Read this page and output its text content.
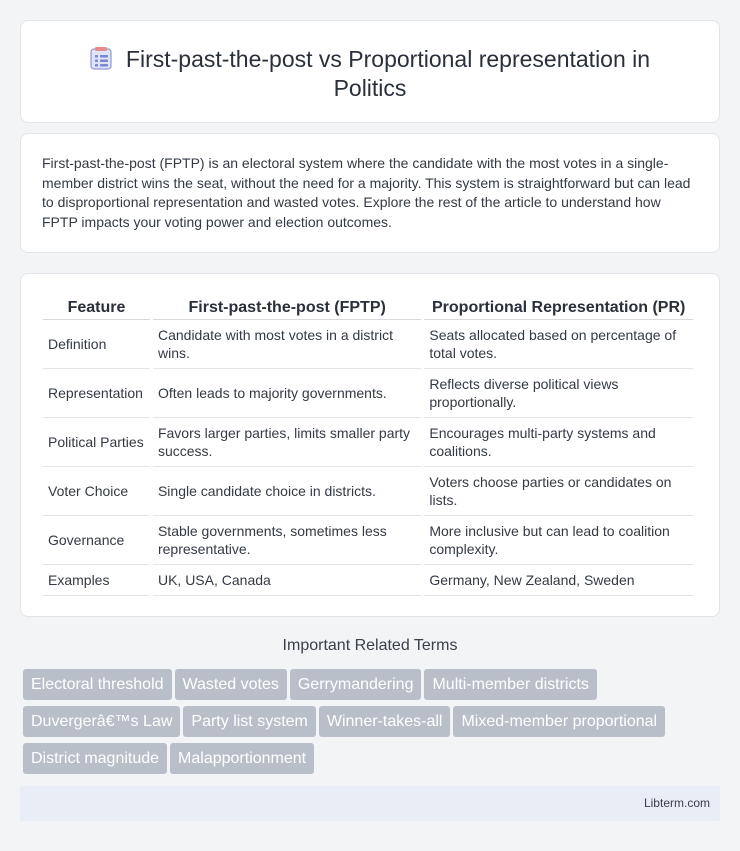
First-past-the-post vs Proportional representation in Politics

First-past-the-post (FPTP) is an electoral system where the candidate with the most votes in a single-member district wins the seat, without the need for a majority. This system is straightforward but can lead to disproportional representation and wasted votes. Explore the rest of the article to understand how FPTP impacts your voting power and election outcomes.

Feature	First-past-the-post (FPTP)	Proportional Representation (PR)
Definition	Candidate with most votes in a district wins.	Seats allocated based on percentage of total votes.
Representation	Often leads to majority governments.	Reflects diverse political views proportionally.
Political Parties	Favors larger parties, limits smaller party success.	Encourages multi-party systems and coalitions.
Voter Choice	Single candidate choice in districts.	Voters choose parties or candidates on lists.
Governance	Stable governments, sometimes less representative.	More inclusive but can lead to coalition complexity.
Examples	UK, USA, Canada	Germany, New Zealand, Sweden
Important Related Terms
Electoral threshold Wasted votes Gerrymandering Multi-member districts
Duvergerâ€™s Law Party list system Winner-takes-all Mixed-member proportional
District magnitude Malapportionment
Libterm.com
